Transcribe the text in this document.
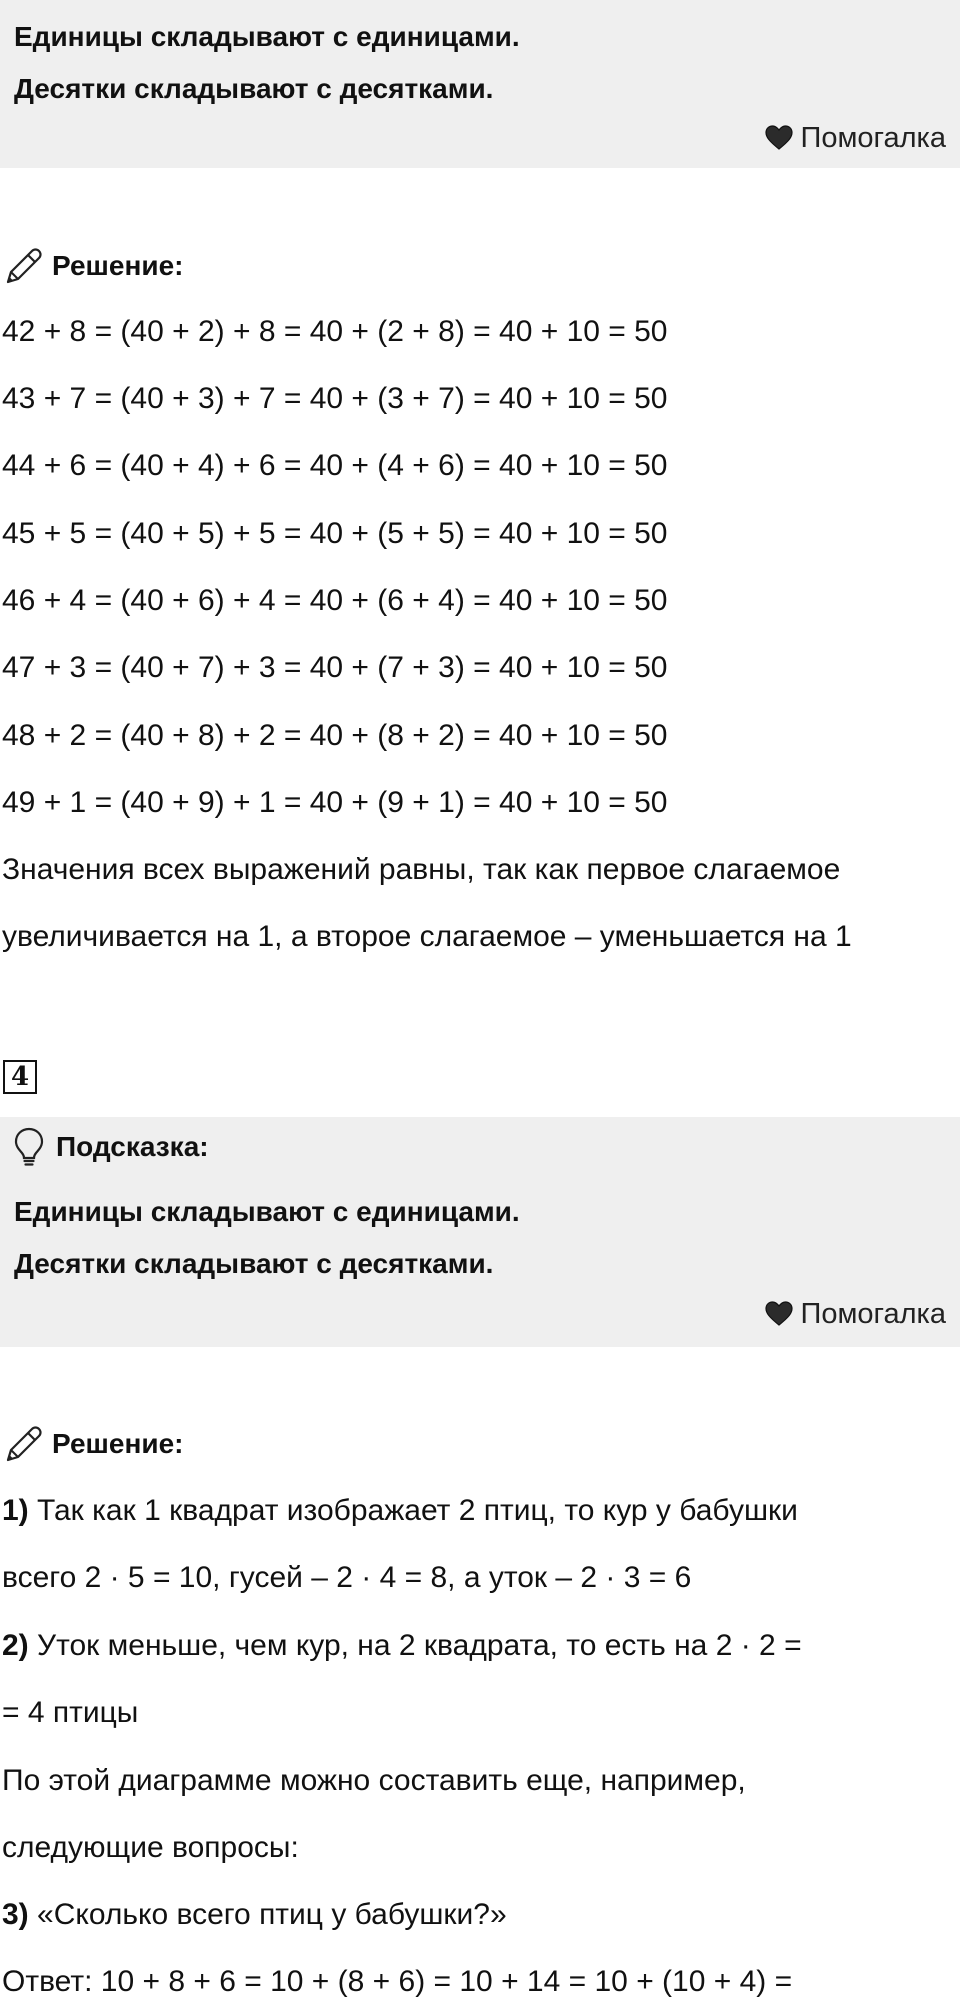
Единицы складывают с единицами.
Десятки складывают с десятками.
Помогалка
Решение:
42 + 8 = (40 + 2) + 8 = 40 + (2 + 8) = 40 + 10 = 50
43 + 7 = (40 + 3) + 7 = 40 + (3 + 7) = 40 + 10 = 50
44 + 6 = (40 + 4) + 6 = 40 + (4 + 6) = 40 + 10 = 50
45 + 5 = (40 + 5) + 5 = 40 + (5 + 5) = 40 + 10 = 50
46 + 4 = (40 + 6) + 4 = 40 + (6 + 4) = 40 + 10 = 50
47 + 3 = (40 + 7) + 3 = 40 + (7 + 3) = 40 + 10 = 50
48 + 2 = (40 + 8) + 2 = 40 + (8 + 2) = 40 + 10 = 50
49 + 1 = (40 + 9) + 1 = 40 + (9 + 1) = 40 + 10 = 50
Значения всех выражений равны, так как первое слагаемое
увеличивается на 1, а второе слагаемое – уменьшается на 1
4
Подсказка:
Единицы складывают с единицами.
Десятки складывают с десятками.
Помогалка
Решение:
1) Так как 1 квадрат изображает 2 птиц, то кур у бабушки
всего 2 · 5 = 10, гусей – 2 · 4 = 8, а уток – 2 · 3 = 6
2) Уток меньше, чем кур, на 2 квадрата, то есть на 2 · 2 =
= 4 птицы
По этой диаграмме можно составить еще, например,
следующие вопросы:
3) «Сколько всего птиц у бабушки?»
Ответ: 10 + 8 + 6 = 10 + (8 + 6) = 10 + 14 = 10 + (10 + 4) =
